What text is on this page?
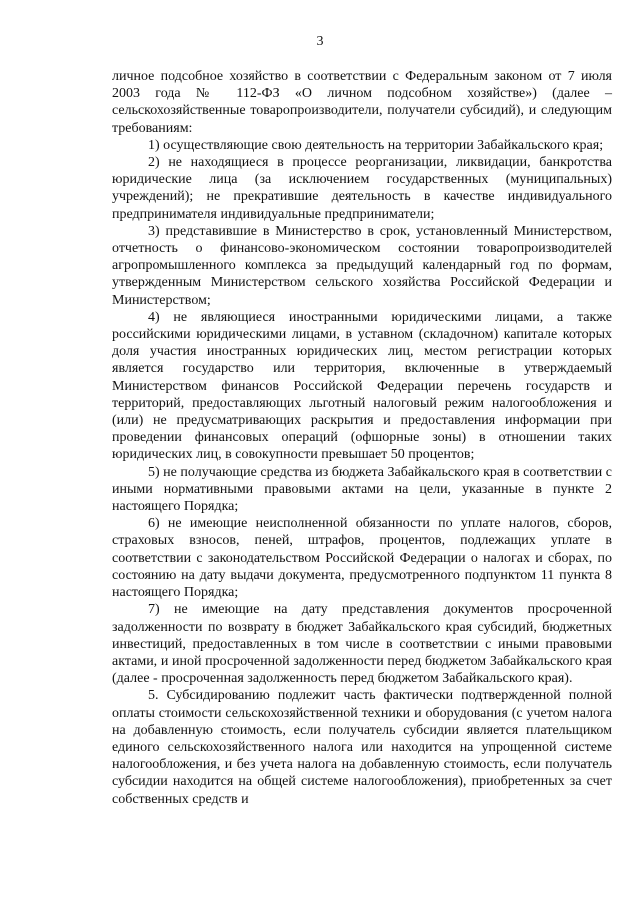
3

личное подсобное хозяйство в соответствии с Федеральным законом от 7 июля 2003 года № 112-ФЗ «О личном подсобном хозяйстве») (далее – сельскохозяйственные товаропроизводители, получатели субсидий), и следующим требованиям:

1) осуществляющие свою деятельность на территории Забайкальского края;

2) не находящиеся в процессе реорганизации, ликвидации, банкротства юридические лица (за исключением государственных (муниципальных) учреждений); не прекратившие деятельность в качестве индивидуального предпринимателя индивидуальные предприниматели;

3) представившие в Министерство в срок, установленный Министерством, отчетность о финансово-экономическом состоянии товаропроизводителей агропромышленного комплекса за предыдущий календарный год по формам, утвержденным Министерством сельского хозяйства Российской Федерации и Министерством;

4) не являющиеся иностранными юридическими лицами, а также российскими юридическими лицами, в уставном (складочном) капитале которых доля участия иностранных юридических лиц, местом регистрации которых является государство или территория, включенные в утверждаемый Министерством финансов Российской Федерации перечень государств и территорий, предоставляющих льготный налоговый режим налогообложения и (или) не предусматривающих раскрытия и предоставления информации при проведении финансовых операций (офшорные зоны) в отношении таких юридических лиц, в совокупности превышает 50 процентов;

5) не получающие средства из бюджета Забайкальского края в соответствии с иными нормативными правовыми актами на цели, указанные в пункте 2 настоящего Порядка;

6) не имеющие неисполненной обязанности по уплате налогов, сборов, страховых взносов, пеней, штрафов, процентов, подлежащих уплате в соответствии с законодательством Российской Федерации о налогах и сборах, по состоянию на дату выдачи документа, предусмотренного подпунктом 11 пункта 8 настоящего Порядка;

7) не имеющие на дату представления документов просроченной задолженности по возврату в бюджет Забайкальского края субсидий, бюджетных инвестиций, предоставленных в том числе в соответствии с иными правовыми актами, и иной просроченной задолженности перед бюджетом Забайкальского края (далее - просроченная задолженность перед бюджетом Забайкальского края).

5. Субсидированию подлежит часть фактически подтвержденной полной оплаты стоимости сельскохозяйственной техники и оборудования (с учетом налога на добавленную стоимость, если получатель субсидии является плательщиком единого сельскохозяйственного налога или находится на упрощенной системе налогообложения, и без учета налога на добавленную стоимость, если получатель субсидии находится на общей системе налогообложения), приобретенных за счет собственных средств и
